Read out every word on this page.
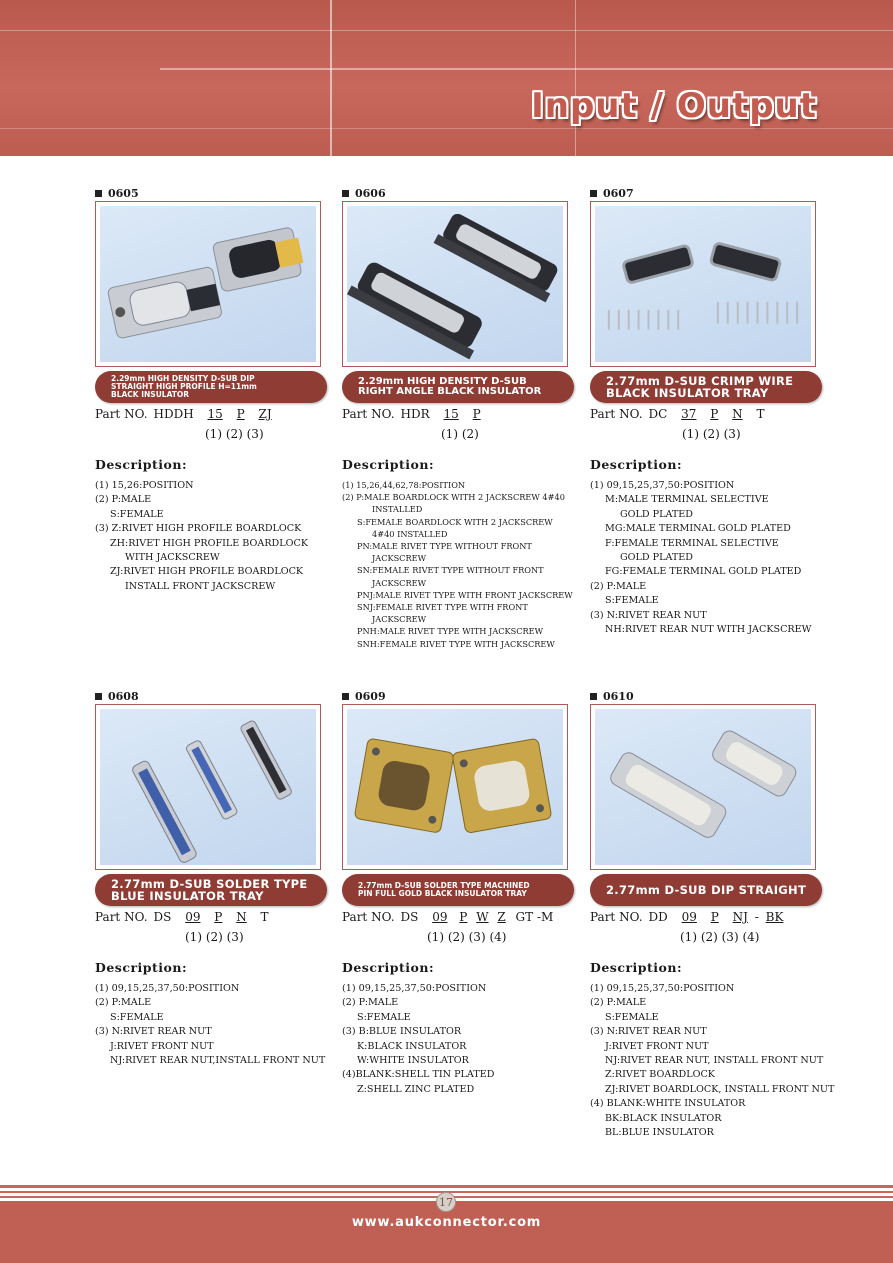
Input / Output
0605
2.29mm HIGH DENSITY D-SUB DIP
STRAIGHT HIGH PROFILE H=11mm
BLACK INSULATOR
Part NO. HDDH 15 P ZJ
(1) (2) (3)
Description:
(1) 15,26:POSITION
(2) P:MALE
S:FEMALE
(3) Z:RIVET HIGH PROFILE BOARDLOCK
ZH:RIVET HIGH PROFILE BOARDLOCK
WITH JACKSCREW
ZJ:RIVET HIGH PROFILE BOARDLOCK
INSTALL FRONT JACKSCREW
0606
2.29mm HIGH DENSITY D-SUB
RIGHT ANGLE BLACK INSULATOR
Part NO. HDR 15 P
(1) (2)
Description:
(1) 15,26,44,62,78:POSITION
(2) P:MALE BOARDLOCK WITH 2 JACKSCREW 4#40
INSTALLED
S:FEMALE BOARDLOCK WITH 2 JACKSCREW
4#40 INSTALLED
PN:MALE RIVET TYPE WITHOUT FRONT
JACKSCREW
SN:FEMALE RIVET TYPE WITHOUT FRONT
JACKSCREW
PNJ:MALE RIVET TYPE WITH FRONT JACKSCREW
SNJ:FEMALE RIVET TYPE WITH FRONT
JACKSCREW
PNH:MALE RIVET TYPE WITH JACKSCREW
SNH:FEMALE RIVET TYPE WITH JACKSCREW
0607
2.77mm D-SUB CRIMP WIRE
BLACK INSULATOR TRAY
Part NO. DC 37 P N T
(1) (2) (3)
Description:
(1) 09,15,25,37,50:POSITION
M:MALE TERMINAL SELECTIVE
GOLD PLATED
MG:MALE TERMINAL GOLD PLATED
F:FEMALE TERMINAL SELECTIVE
GOLD PLATED
FG:FEMALE TERMINAL GOLD PLATED
(2) P:MALE
S:FEMALE
(3) N:RIVET REAR NUT
NH:RIVET REAR NUT WITH JACKSCREW
0608
2.77mm D-SUB SOLDER TYPE
BLUE INSULATOR TRAY
Part NO. DS 09 P N T
(1) (2) (3)
Description:
(1) 09,15,25,37,50:POSITION
(2) P:MALE
S:FEMALE
(3) N:RIVET REAR NUT
J:RIVET FRONT NUT
NJ:RIVET REAR NUT,INSTALL FRONT NUT
0609
2.77mm D-SUB SOLDER TYPE MACHINED
PIN FULL GOLD BLACK INSULATOR TRAY
Part NO. DS 09 P W Z GT -M
(1) (2) (3) (4)
Description:
(1) 09,15,25,37,50:POSITION
(2) P:MALE
S:FEMALE
(3) B:BLUE INSULATOR
K:BLACK INSULATOR
W:WHITE INSULATOR
(4)BLANK:SHELL TIN PLATED
Z:SHELL ZINC PLATED
0610
2.77mm D-SUB DIP STRAIGHT
Part NO. DD 09 P NJ - BK
(1) (2) (3) (4)
Description:
(1) 09,15,25,37,50:POSITION
(2) P:MALE
S:FEMALE
(3) N:RIVET REAR NUT
J:RIVET FRONT NUT
NJ:RIVET REAR NUT, INSTALL FRONT NUT
Z:RIVET BOARDLOCK
ZJ:RIVET BOARDLOCK, INSTALL FRONT NUT
(4) BLANK:WHITE INSULATOR
BK:BLACK INSULATOR
BL:BLUE INSULATOR
17
www.aukconnector.com
